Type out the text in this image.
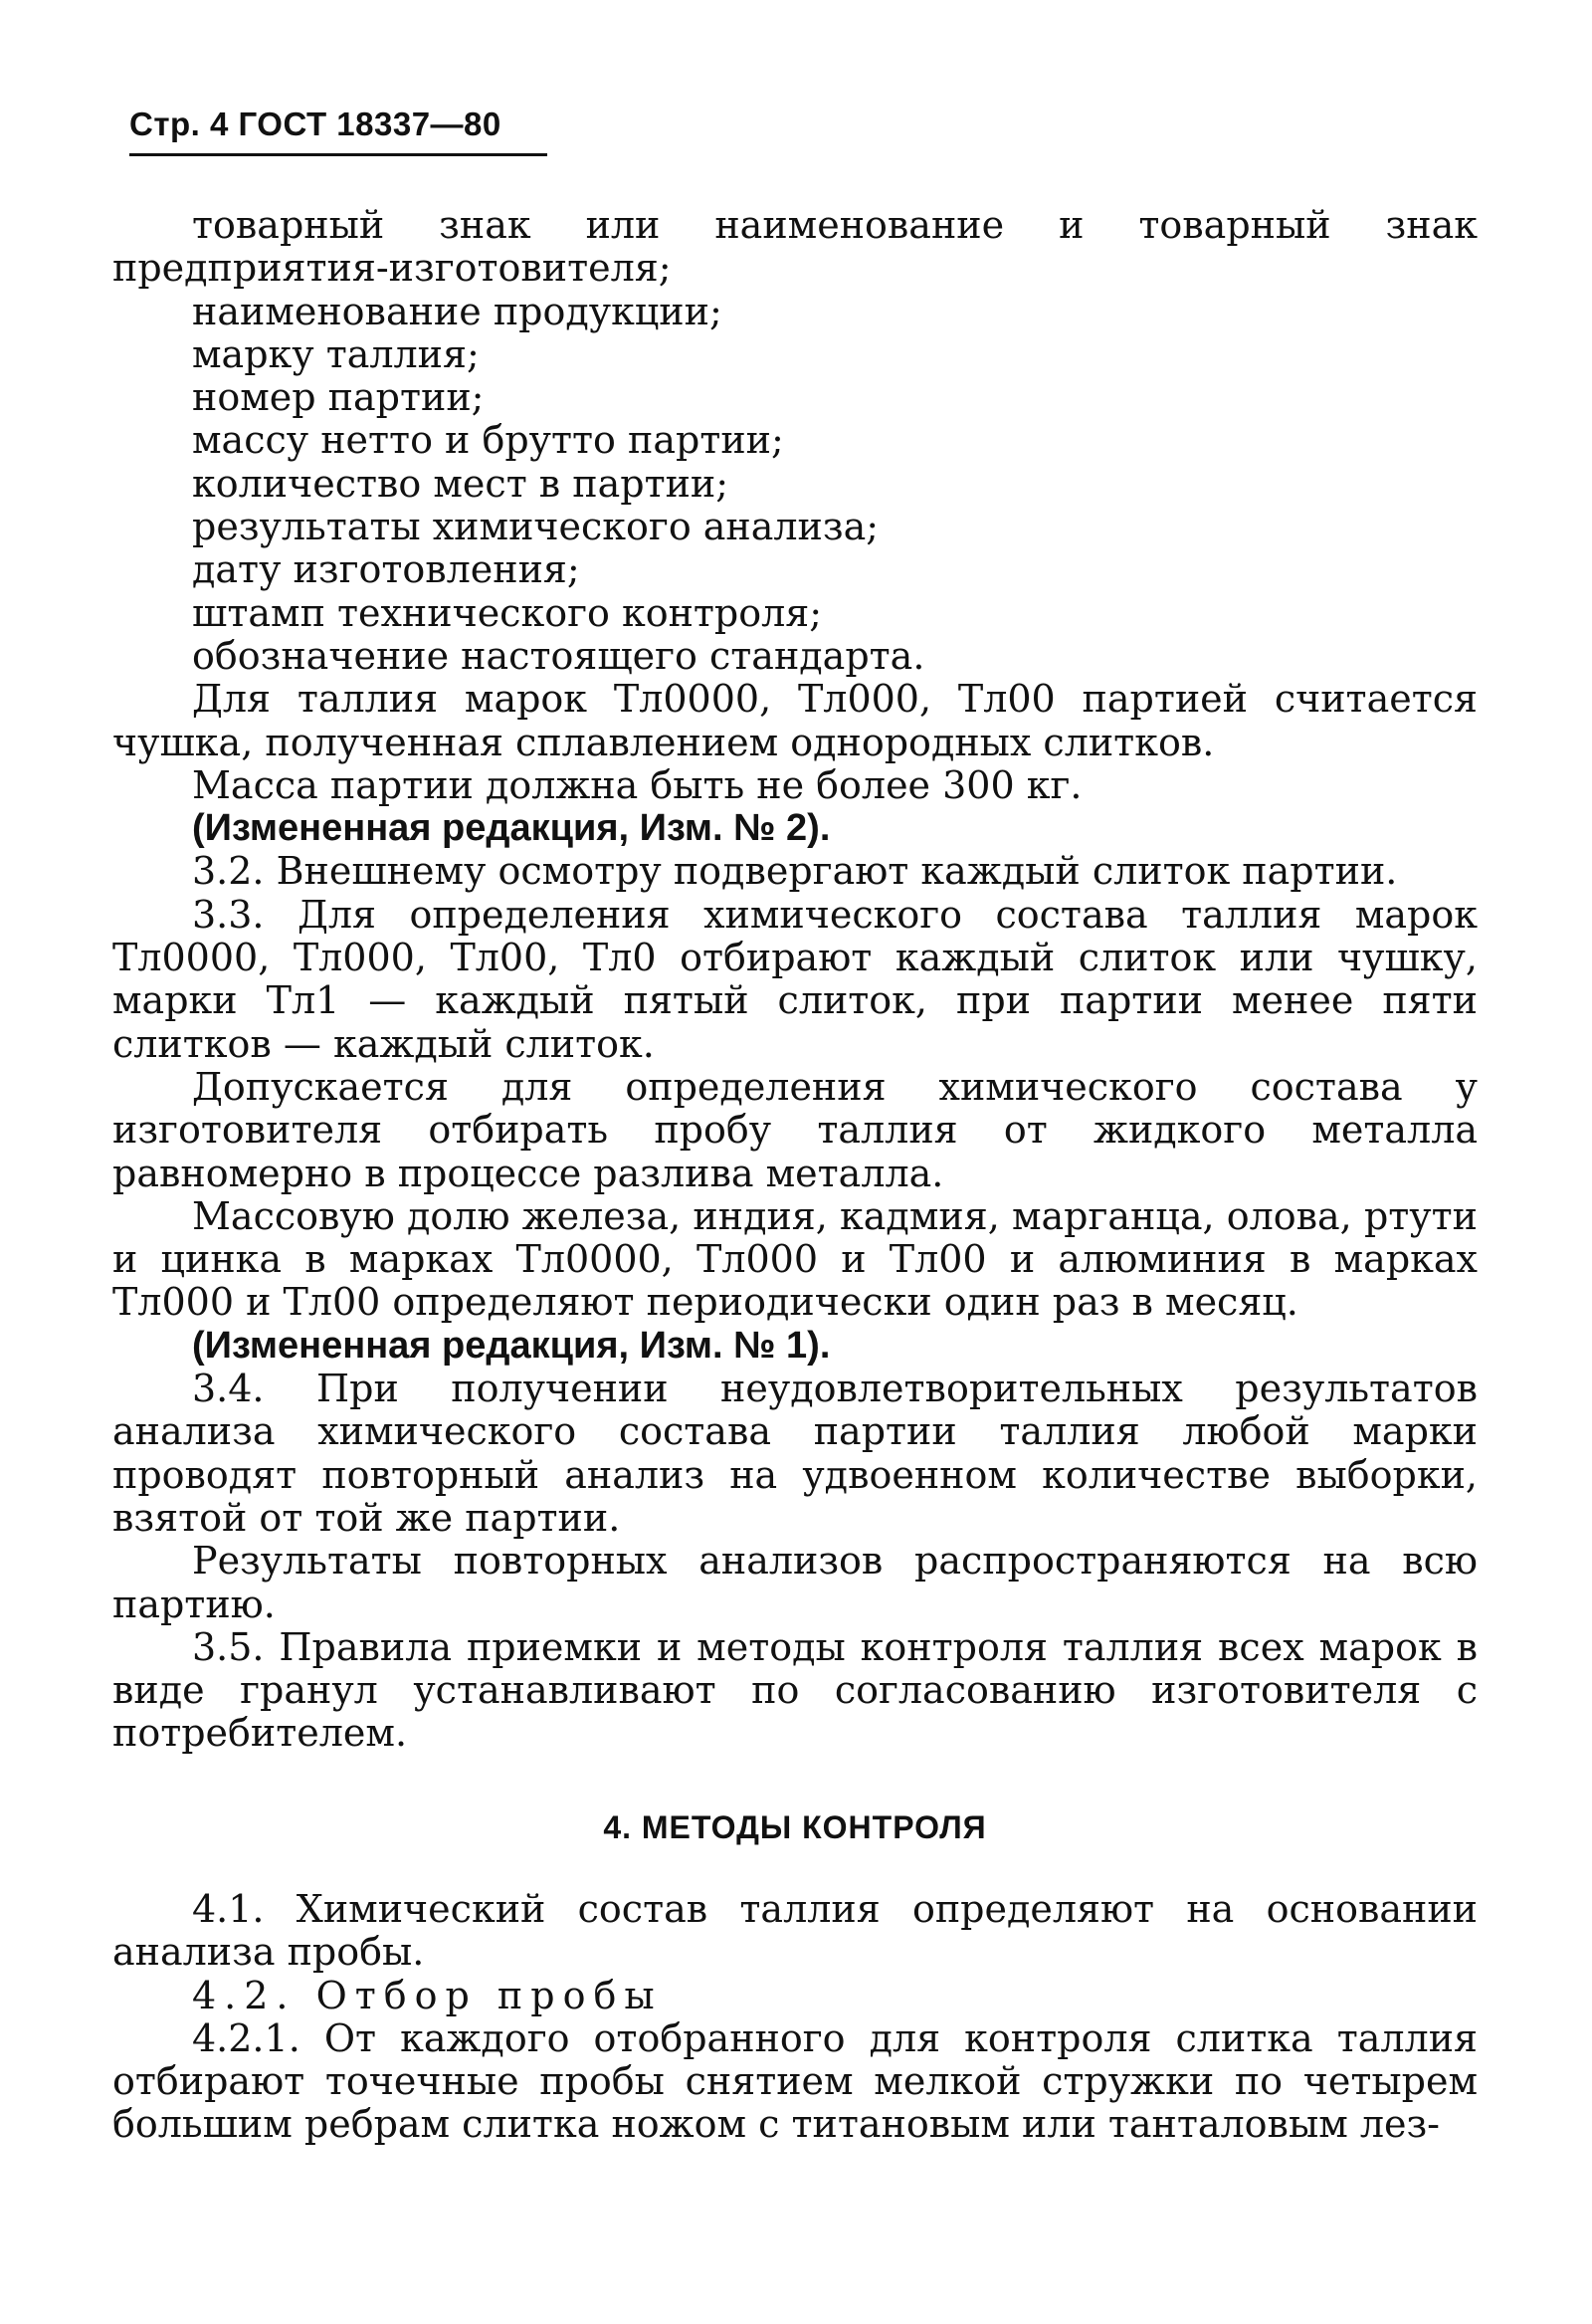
Стр. 4 ГОСТ 18337—80

товарный знак или наименование и товарный знак предприятия-изготовителя;

наименование продукции;

марку таллия;

номер партии;

массу нетто и брутто партии;

количество мест в партии;

результаты химического анализа;

дату изготовления;

штамп технического контроля;

обозначение настоящего стандарта.

Для таллия марок Тл0000, Тл000, Тл00 партией считается чушка, полученная сплавлением однородных слитков.

Масса партии должна быть не более 300 кг.

(Измененная редакция, Изм. № 2).

3.2. Внешнему осмотру подвергают каждый слиток партии.

3.3. Для определения химического состава таллия марок Тл0000, Тл000, Тл00, Тл0 отбирают каждый слиток или чушку, марки Тл1 — каждый пятый слиток, при партии менее пяти слитков — каждый слиток.

Допускается для определения химического состава у изготовителя отбирать пробу таллия от жидкого металла равномерно в процессе разлива металла.

Массовую долю железа, индия, кадмия, марганца, олова, ртути и цинка в марках Тл0000, Тл000 и Тл00 и алюминия в марках Тл000 и Тл00 определяют периодически один раз в месяц.

(Измененная редакция, Изм. № 1).

3.4. При получении неудовлетворительных результатов анализа химического состава партии таллия любой марки проводят повторный анализ на удвоенном количестве выборки, взятой от той же партии.

Результаты повторных анализов распространяются на всю партию.

3.5. Правила приемки и методы контроля таллия всех марок в виде гранул устанавливают по согласованию изготовителя с потребителем.

4. МЕТОДЫ КОНТРОЛЯ

4.1. Химический состав таллия определяют на основании анализа пробы.

4.2. Отбор пробы

4.2.1. От каждого отобранного для контроля слитка таллия отбирают точечные пробы снятием мелкой стружки по четырем большим ребрам слитка ножом с титановым или танталовым лез-
